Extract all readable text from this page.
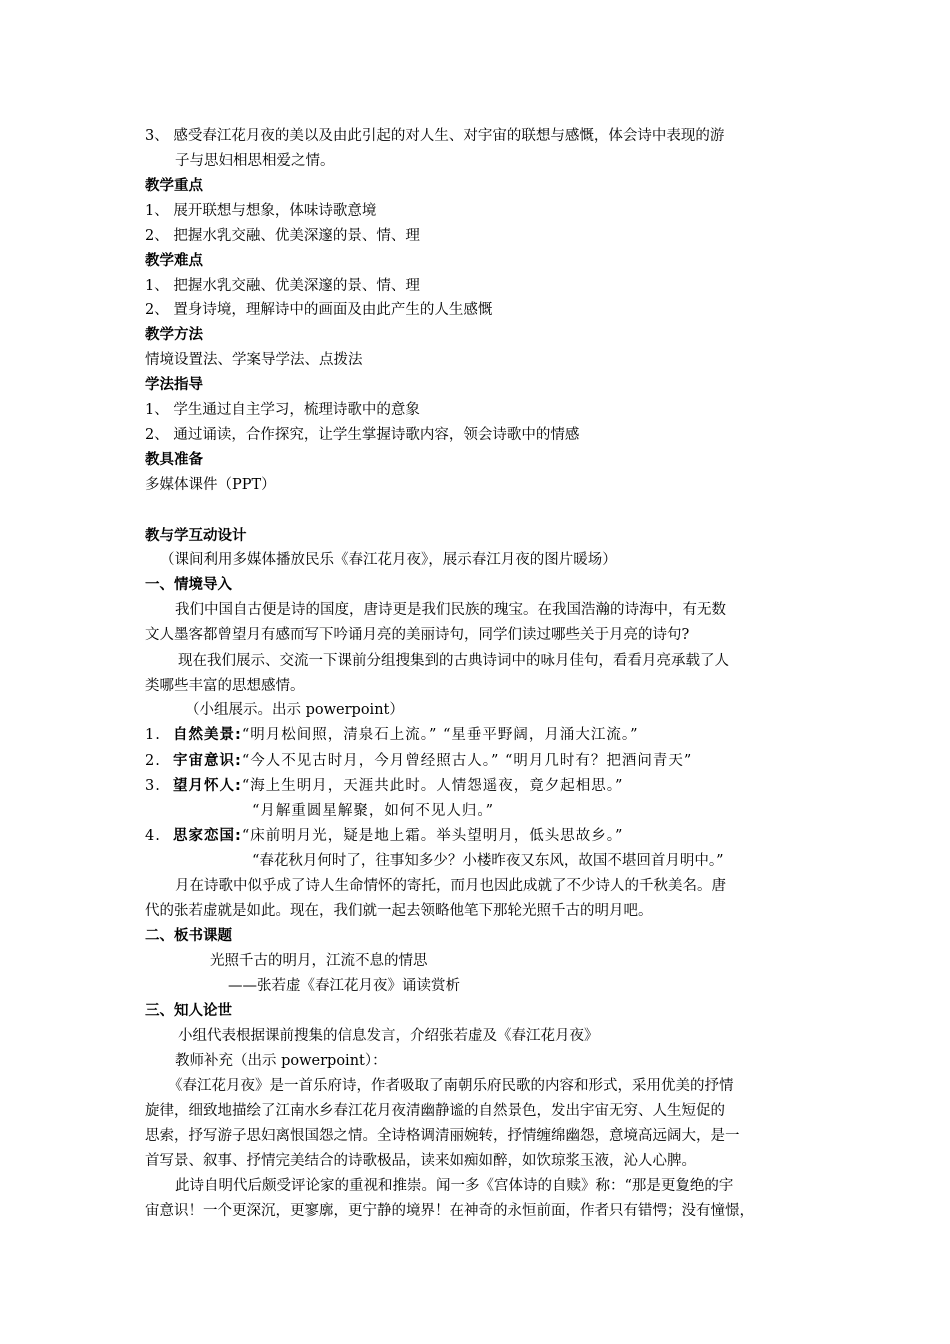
3、 感受春江花月夜的美以及由此引起的对人生、对宇宙的联想与感慨，体会诗中表现的游
子与思妇相思相爱之情。
教学重点
1、 展开联想与想象，体味诗歌意境
2、 把握水乳交融、优美深邃的景、情、理
教学难点
1、 把握水乳交融、优美深邃的景、情、理
2、 置身诗境，理解诗中的画面及由此产生的人生感慨
教学方法
情境设置法、学案导学法、点拨法
学法指导
1、 学生通过自主学习，梳理诗歌中的意象
2、 通过诵读，合作探究，让学生掌握诗歌内容，领会诗歌中的情感
教具准备
多媒体课件（PPT）
教与学互动设计
（课间利用多媒体播放民乐《春江花月夜》，展示春江月夜的图片暖场）
一、情境导入
我们中国自古便是诗的国度，唐诗更是我们民族的瑰宝。在我国浩瀚的诗海中，有无数
文人墨客都曾望月有感而写下吟诵月亮的美丽诗句，同学们读过哪些关于月亮的诗句?
现在我们展示、交流一下课前分组搜集到的古典诗词中的咏月佳句，看看月亮承载了人
类哪些丰富的思想感情。
（小组展示。出示 powerpoint）
1. 自然美景:“明月松间照，清泉石上流。” “星垂平野阔，月涌大江流。”
2. 宇宙意识:“今人不见古时月，今月曾经照古人。” “明月几时有？把酒问青天”
3. 望月怀人:“海上生明月，天涯共此时。人情怨遥夜，竟夕起相思。”
“月解重圆星解聚，如何不见人归。”
4. 思家恋国:“床前明月光，疑是地上霜。举头望明月，低头思故乡。”
“春花秋月何时了，往事知多少？小楼昨夜又东风，故国不堪回首月明中。”
月在诗歌中似乎成了诗人生命情怀的寄托，而月也因此成就了不少诗人的千秋美名。唐
代的张若虚就是如此。现在，我们就一起去领略他笔下那轮光照千古的明月吧。
二、板书课题
光照千古的明月，江流不息的情思
——张若虚《春江花月夜》诵读赏析
三、知人论世
小组代表根据课前搜集的信息发言，介绍张若虚及《春江花月夜》
教师补充（出示 powerpoint）：
《春江花月夜》是一首乐府诗，作者吸取了南朝乐府民歌的内容和形式，采用优美的抒情
旋律，细致地描绘了江南水乡春江花月夜清幽静谧的自然景色，发出宇宙无穷、人生短促的
思索，抒写游子思妇离恨国怨之情。全诗格调清丽婉转，抒情缠绵幽怨，意境高远阔大，是一
首写景、叙事、抒情完美结合的诗歌极品，读来如痴如醉，如饮琼浆玉液，沁人心脾。
此诗自明代后颇受评论家的重视和推崇。闻一多《宫体诗的自赎》称：“那是更夐绝的宇
宙意识！一个更深沉，更寥廓，更宁静的境界！在神奇的永恒前面，作者只有错愕；没有憧憬，
